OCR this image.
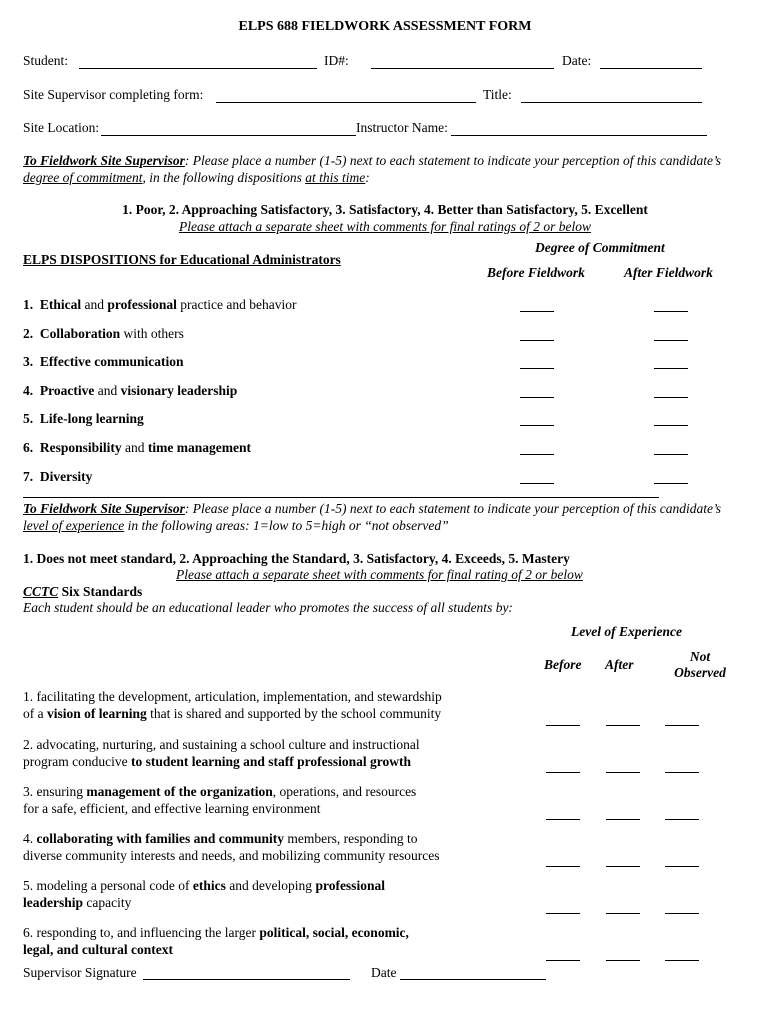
ELPS 688 FIELDWORK ASSESSMENT FORM
Student:	ID#:	Date:
Site Supervisor completing form:	Title:
Site Location:	Instructor Name:
To Fieldwork Site Supervisor: Please place a number (1-5) next to each statement to indicate your perception of this candidate’s
degree of commitment, in the following dispositions at this time:
1. Poor, 2. Approaching Satisfactory, 3. Satisfactory, 4. Better than Satisfactory, 5. Excellent
Please attach a separate sheet with comments for final ratings of 2 or below
Degree of Commitment
ELPS DISPOSITIONS for Educational Administrators
Before Fieldwork	After Fieldwork
1. Ethical and professional practice and behavior
2. Collaboration with others
3. Effective communication
4. Proactive and visionary leadership
5. Life-long learning
6. Responsibility and time management
7. Diversity
To Fieldwork Site Supervisor: Please place a number (1-5) next to each statement to indicate your perception of this candidate’s
level of experience in the following areas: 1=low to 5=high or “not observed”
1. Does not meet standard, 2. Approaching the Standard, 3. Satisfactory, 4. Exceeds, 5. Mastery
Please attach a separate sheet with comments for final rating of 2 or below
CCTC Six Standards
Each student should be an educational leader who promotes the success of all students by:
Level of Experience
Before After
Not
Observed
1. facilitating the development, articulation, implementation, and stewardship
of a vision of learning that is shared and supported by the school community
2. advocating, nurturing, and sustaining a school culture and instructional
program conducive to student learning and staff professional growth
3. ensuring management of the organization, operations, and resources
for a safe, efficient, and effective learning environment
4. collaborating with families and community members, responding to
diverse community interests and needs, and mobilizing community resources
5. modeling a personal code of ethics and developing professional
leadership capacity
6. responding to, and influencing the larger political, social, economic,
legal, and cultural context
Supervisor Signature	Date
